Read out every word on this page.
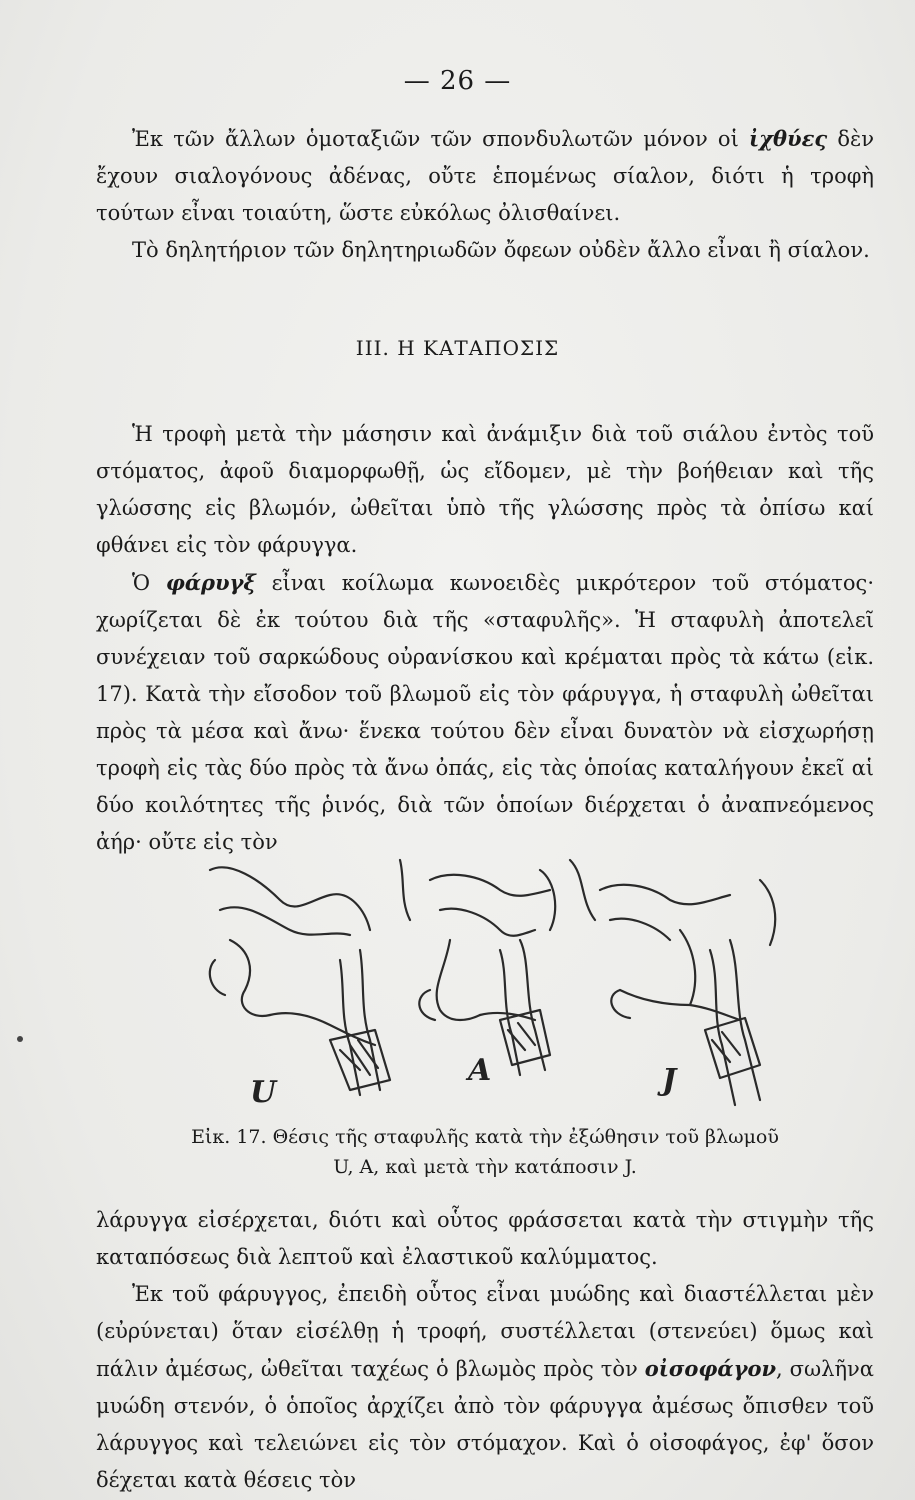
— 26 —

Ἐκ τῶν ἄλλων ὁμοταξιῶν τῶν σπονδυλωτῶν μόνον οἱ ἰχθύες δὲν ἔχουν σιαλογόνους ἀδένας, οὔτε ἑπομένως σίαλον, διότι ἡ τροφὴ τούτων εἶναι τοιαύτη, ὥστε εὐκόλως ὀλισθαίνει.

Τὸ δηλητήριον τῶν δηλητηριωδῶν ὄφεων οὐδὲν ἄλλο εἶναι ἢ σίαλον.

III. Η ΚΑΤΑΠΟΣΙΣ

Ἡ τροφὴ μετὰ τὴν μάσησιν καὶ ἀνάμιξιν διὰ τοῦ σιάλου ἐντὸς τοῦ στόματος, ἀφοῦ διαμορφωθῇ, ὡς εἴδομεν, μὲ τὴν βοήθειαν καὶ τῆς γλώσσης εἰς βλωμόν, ὠθεῖται ὑπὸ τῆς γλώσσης πρὸς τὰ ὀπίσω καί φθάνει εἰς τὸν φάρυγγα.

Ὁ φάρυγξ εἶναι κοίλωμα κωνοειδὲς μικρότερον τοῦ στόματος· χωρίζεται δὲ ἐκ τούτου διὰ τῆς «σταφυλῆς». Ἡ σταφυλὴ ἀποτελεῖ συνέχειαν τοῦ σαρκώδους οὐρανίσκου καὶ κρέμαται πρὸς τὰ κάτω (εἰκ. 17). Κατὰ τὴν εἴσοδον τοῦ βλωμοῦ εἰς τὸν φάρυγγα, ἡ σταφυλὴ ὠθεῖται πρὸς τὰ μέσα καὶ ἄνω· ἕνεκα τούτου δὲν εἶναι δυνατὸν νὰ εἰσχωρήσῃ τροφὴ εἰς τὰς δύο πρὸς τὰ ἄνω ὀπάς, εἰς τὰς ὁποίας καταλήγουν ἐκεῖ αἱ δύο κοιλότητες τῆς ῥινός, διὰ τῶν ὁποίων διέρχεται ὁ ἀναπνεόμενος ἀήρ· οὔτε εἰς τὸν

U
A	J
Εἰκ. 17. Θέσις τῆς σταφυλῆς κατὰ τὴν ἐξώθησιν τοῦ βλωμοῦ
U, A, καὶ μετὰ τὴν κατάποσιν J.

λάρυγγα εἰσέρχεται, διότι καὶ οὗτος φράσσεται κατὰ τὴν στιγμὴν τῆς καταπόσεως διὰ λεπτοῦ καὶ ἐλαστικοῦ καλύμματος.

Ἐκ τοῦ φάρυγγος, ἐπειδὴ οὗτος εἶναι μυώδης καὶ διαστέλλεται μὲν (εὐρύνεται) ὅταν εἰσέλθῃ ἡ τροφή, συστέλλεται (στενεύει) ὅμως καὶ πάλιν ἀμέσως, ὠθεῖται ταχέως ὁ βλωμὸς πρὸς τὸν οἰσοφάγον, σωλῆνα μυώδη στενόν, ὁ ὁποῖος ἀρχίζει ἀπὸ τὸν φάρυγγα ἀμέσως ὄπισθεν τοῦ λάρυγγος καὶ τελειώνει εἰς τὸν στόμαχον. Καὶ ὁ οἰσοφάγος, ἐφ' ὅσον δέχεται κατὰ θέσεις τὸν
